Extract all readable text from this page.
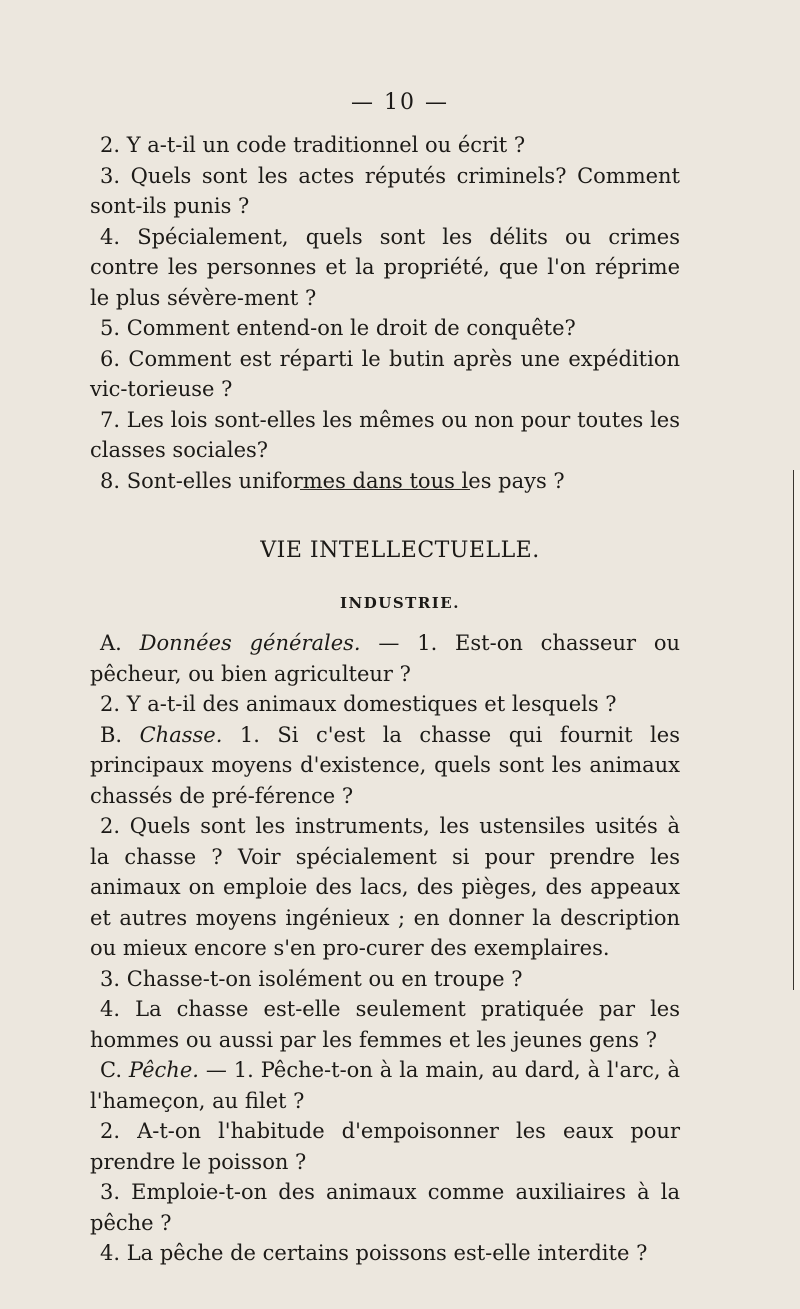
— 10 —

2. Y a-t-il un code traditionnel ou écrit ?

3. Quels sont les actes réputés criminels? Comment sont-ils punis ?

4. Spécialement, quels sont les délits ou crimes contre les personnes et la propriété, que l'on réprime le plus sévère-ment ?

5. Comment entend-on le droit de conquête?

6. Comment est réparti le butin après une expédition vic-torieuse ?

7. Les lois sont-elles les mêmes ou non pour toutes les classes sociales?

8. Sont-elles uniformes dans tous les pays ?

VIE INTELLECTUELLE.
INDUSTRIE.

A. Données générales. — 1. Est-on chasseur ou pêcheur, ou bien agriculteur ?

2. Y a-t-il des animaux domestiques et lesquels ?

B. Chasse. 1. Si c'est la chasse qui fournit les principaux moyens d'existence, quels sont les animaux chassés de pré-férence ?

2. Quels sont les instruments, les ustensiles usités à la chasse ? Voir spécialement si pour prendre les animaux on emploie des lacs, des pièges, des appeaux et autres moyens ingénieux ; en donner la description ou mieux encore s'en pro-curer des exemplaires.

3. Chasse-t-on isolément ou en troupe ?

4. La chasse est-elle seulement pratiquée par les hommes ou aussi par les femmes et les jeunes gens ?

C. Pêche. — 1. Pêche-t-on à la main, au dard, à l'arc, à l'hameçon, au filet ?

2. A-t-on l'habitude d'empoisonner les eaux pour prendre le poisson ?

3. Emploie-t-on des animaux comme auxiliaires à la pêche ?

4. La pêche de certains poissons est-elle interdite ?
